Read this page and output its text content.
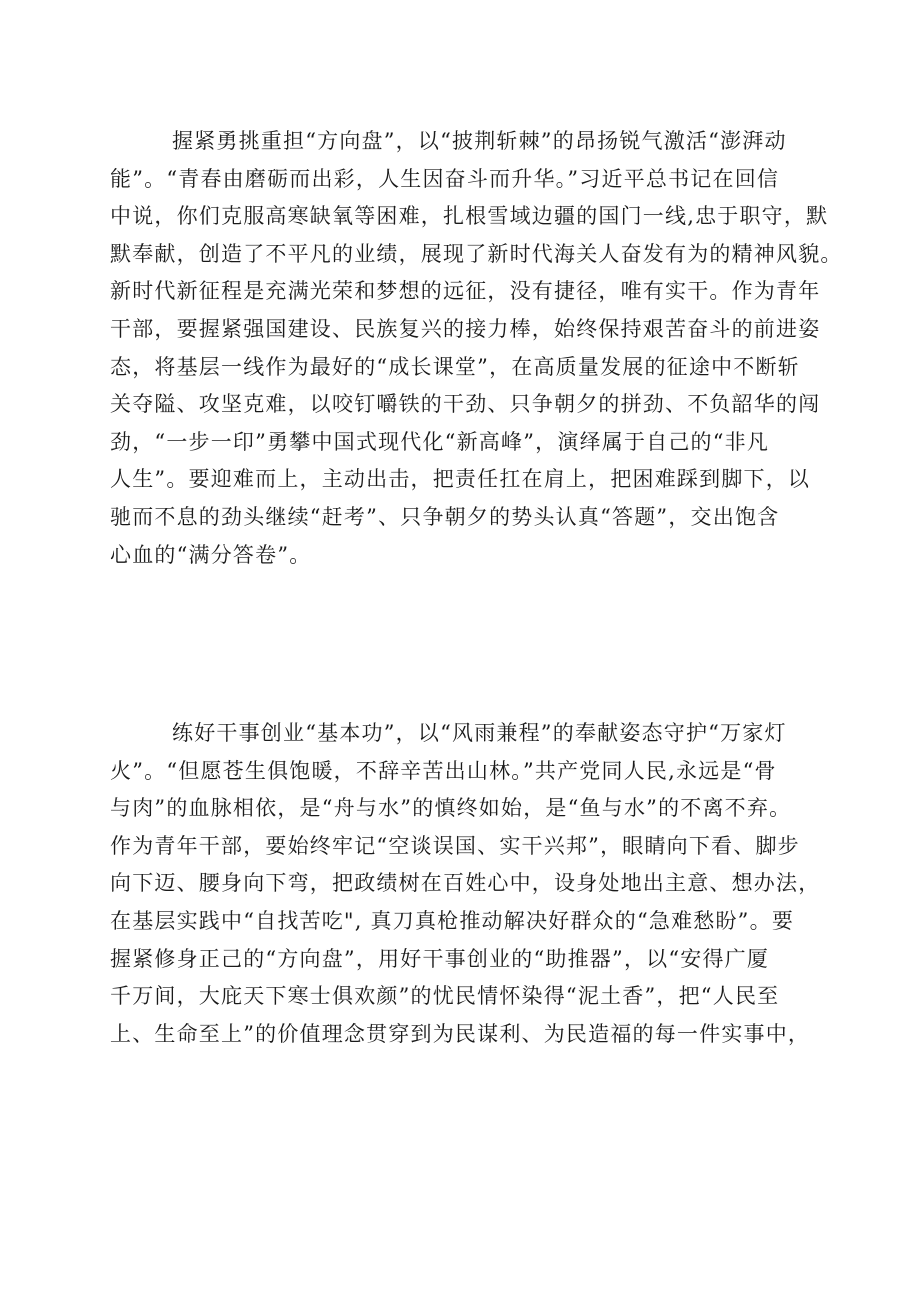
握紧勇挑重担“方向盘”，以“披荆斩棘”的昂扬锐气激活“澎湃动
能”。“青春由磨砺而出彩，人生因奋斗而升华。”习近平总书记在回信
中说，你们克服高寒缺氧等困难，扎根雪域边疆的国门一线,忠于职守，默
默奉献，创造了不平凡的业绩，展现了新时代海关人奋发有为的精神风貌。
新时代新征程是充满光荣和梦想的远征，没有捷径，唯有实干。作为青年
干部，要握紧强国建设、民族复兴的接力棒，始终保持艰苦奋斗的前进姿
态，将基层一线作为最好的“成长课堂”，在高质量发展的征途中不断斩
关夺隘、攻坚克难，以咬钉嚼铁的干劲、只争朝夕的拼劲、不负韶华的闯
劲，“一步一印”勇攀中国式现代化“新高峰”，演绎属于自己的“非凡
人生”。要迎难而上，主动出击，把责任扛在肩上，把困难踩到脚下，以
驰而不息的劲头继续“赶考”、只争朝夕的势头认真“答题”，交出饱含
心血的“满分答卷”。

练好干事创业“基本功”，以“风雨兼程”的奉献姿态守护“万家灯
火”。“但愿苍生俱饱暖，不辞辛苦出山林。”共产党同人民,永远是“骨
与肉”的血脉相依，是“舟与水”的慎终如始，是“鱼与水”的不离不弃。
作为青年干部，要始终牢记“空谈误国、实干兴邦”，眼睛向下看、脚步
向下迈、腰身向下弯，把政绩树在百姓心中，设身处地出主意、想办法，
在基层实践中“自找苦吃", 真刀真枪推动解决好群众的“急难愁盼”。要
握紧修身正己的“方向盘”，用好干事创业的“助推器”，以“安得广厦
千万间，大庇天下寒士俱欢颜”的忧民情怀染得“泥土香”，把“人民至
上、生命至上”的价值理念贯穿到为民谋利、为民造福的每一件实事中，
